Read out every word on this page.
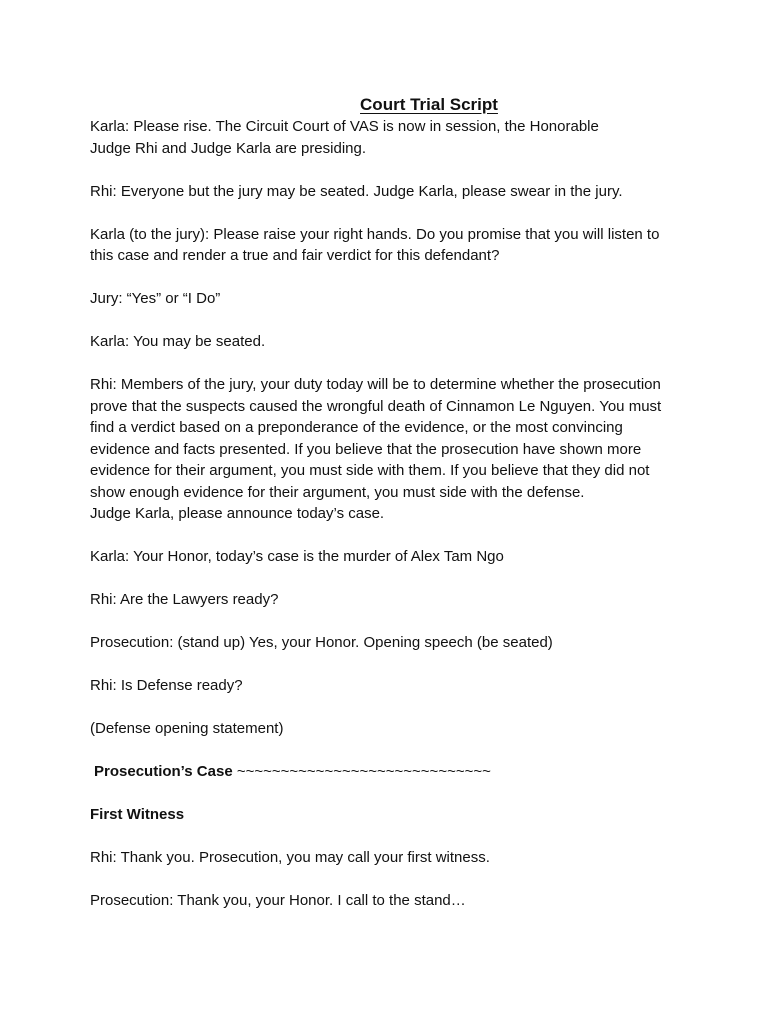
Court Trial Script

Karla: Please rise. The Circuit Court of VAS is now in session, the Honorable
Judge Rhi and Judge Karla are presiding.

Rhi: Everyone but the jury may be seated. Judge Karla, please swear in the jury.

Karla (to the jury): Please raise your right hands. Do you promise that you will listen to
this case and render a true and fair verdict for this defendant?

Jury: “Yes” or “I Do”

Karla: You may be seated.

Rhi: Members of the jury, your duty today will be to determine whether the prosecution
prove that the suspects caused the wrongful death of Cinnamon Le Nguyen. You must
find a verdict based on a preponderance of the evidence, or the most convincing
evidence and facts presented. If you believe that the prosecution have shown more
evidence for their argument, you must side with them. If you believe that they did not
show enough evidence for their argument, you must side with the defense.
Judge Karla, please announce today’s case.

Karla: Your Honor, today’s case is the murder of Alex Tam Ngo

Rhi: Are the Lawyers ready?

Prosecution: (stand up) Yes, your Honor. Opening speech (be seated)

Rhi: Is Defense ready?

(Defense opening statement)

Prosecution’s Case ~~~~~~~~~~~~~~~~~~~~~~~~~~~~~

First Witness

Rhi: Thank you. Prosecution, you may call your first witness.

Prosecution: Thank you, your Honor. I call to the stand…
